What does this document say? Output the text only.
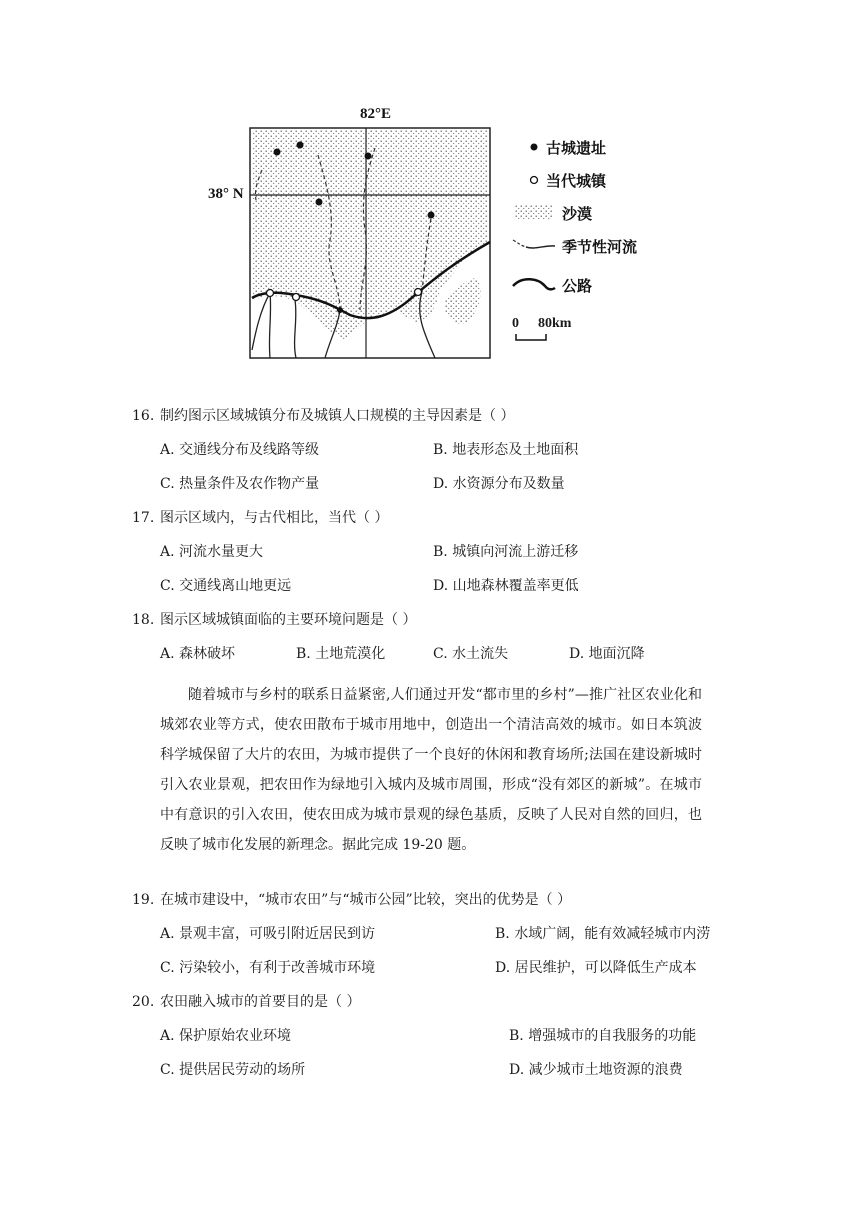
82°E
38° N
古城遗址
当代城镇
沙漠
季节性河流
公路
0 80km
16. 制约图示区域城镇分布及城镇人口规模的主导因素是（ ）
A. 交通线分布及线路等级	B. 地表形态及土地面积
C. 热量条件及农作物产量	D. 水资源分布及数量
17. 图示区域内，与古代相比，当代（ ）
A. 河流水量更大	B. 城镇向河流上游迁移
C. 交通线离山地更远	D. 山地森林覆盖率更低
18. 图示区域城镇面临的主要环境问题是（ ）
A. 森林破坏	B. 土地荒漠化	C. 水土流失	D. 地面沉降
随着城市与乡村的联系日益紧密,人们通过开发“都市里的乡村”—推广社区农业化和城郊农业等方式，使农田散布于城市用地中，创造出一个清洁高效的城市。如日本筑波科学城保留了大片的农田，为城市提供了一个良好的休闲和教育场所;法国在建设新城时引入农业景观，把农田作为绿地引入城内及城市周围，形成“没有郊区的新城”。在城市中有意识的引入农田，使农田成为城市景观的绿色基质，反映了人民对自然的回归，也反映了城市化发展的新理念。据此完成 19-20 题。
19. 在城市建设中，“城市农田”与“城市公园”比较，突出的优势是（ ）
A. 景观丰富，可吸引附近居民到访	B. 水域广阔，能有效减轻城市内涝
C. 污染较小，有利于改善城市环境	D. 居民维护，可以降低生产成本
20. 农田融入城市的首要目的是（ ）
A. 保护原始农业环境	B. 增强城市的自我服务的功能
C. 提供居民劳动的场所	D. 减少城市土地资源的浪费
